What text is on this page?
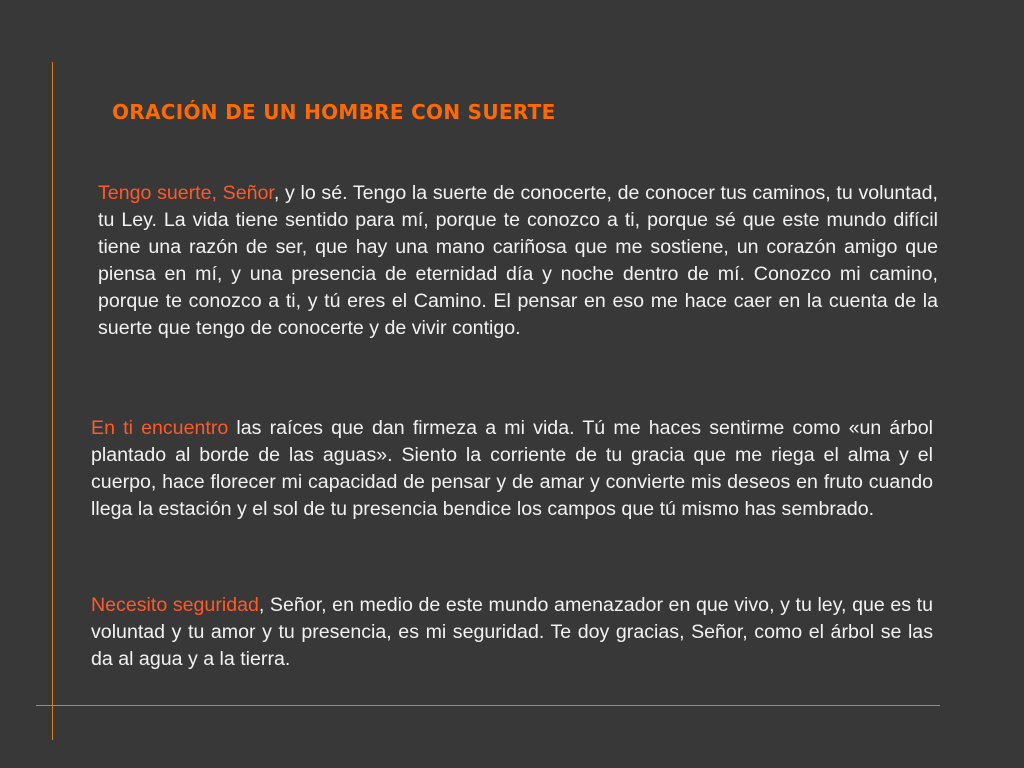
ORACIÓN DE UN HOMBRE CON SUERTE

Tengo suerte, Señor, y lo sé. Tengo la suerte de conocerte, de conocer tus caminos, tu voluntad, tu Ley. La vida tiene sentido para mí, porque te conozco a ti, porque sé que este mundo difícil tiene una razón de ser, que hay una mano cariñosa que me sostiene, un corazón amigo que piensa en mí, y una presencia de eternidad día y noche dentro de mí. Conozco mi camino, porque te conozco a ti, y tú eres el Camino. El pensar en eso me hace caer en la cuenta de la suerte que tengo de conocerte y de vivir contigo.

En ti encuentro las raíces que dan firmeza a mi vida. Tú me haces sentirme como «un árbol plantado al borde de las aguas». Siento la corriente de tu gracia que me riega el alma y el cuerpo, hace florecer mi capacidad de pensar y de amar y convierte mis deseos en fruto cuando llega la estación y el sol de tu presencia bendice los campos que tú mismo has sembrado.

Necesito seguridad, Señor, en medio de este mundo amenazador en que vivo, y tu ley, que es tu voluntad y tu amor y tu presencia, es mi seguridad. Te doy gracias, Señor, como el árbol se las da al agua y a la tierra.
